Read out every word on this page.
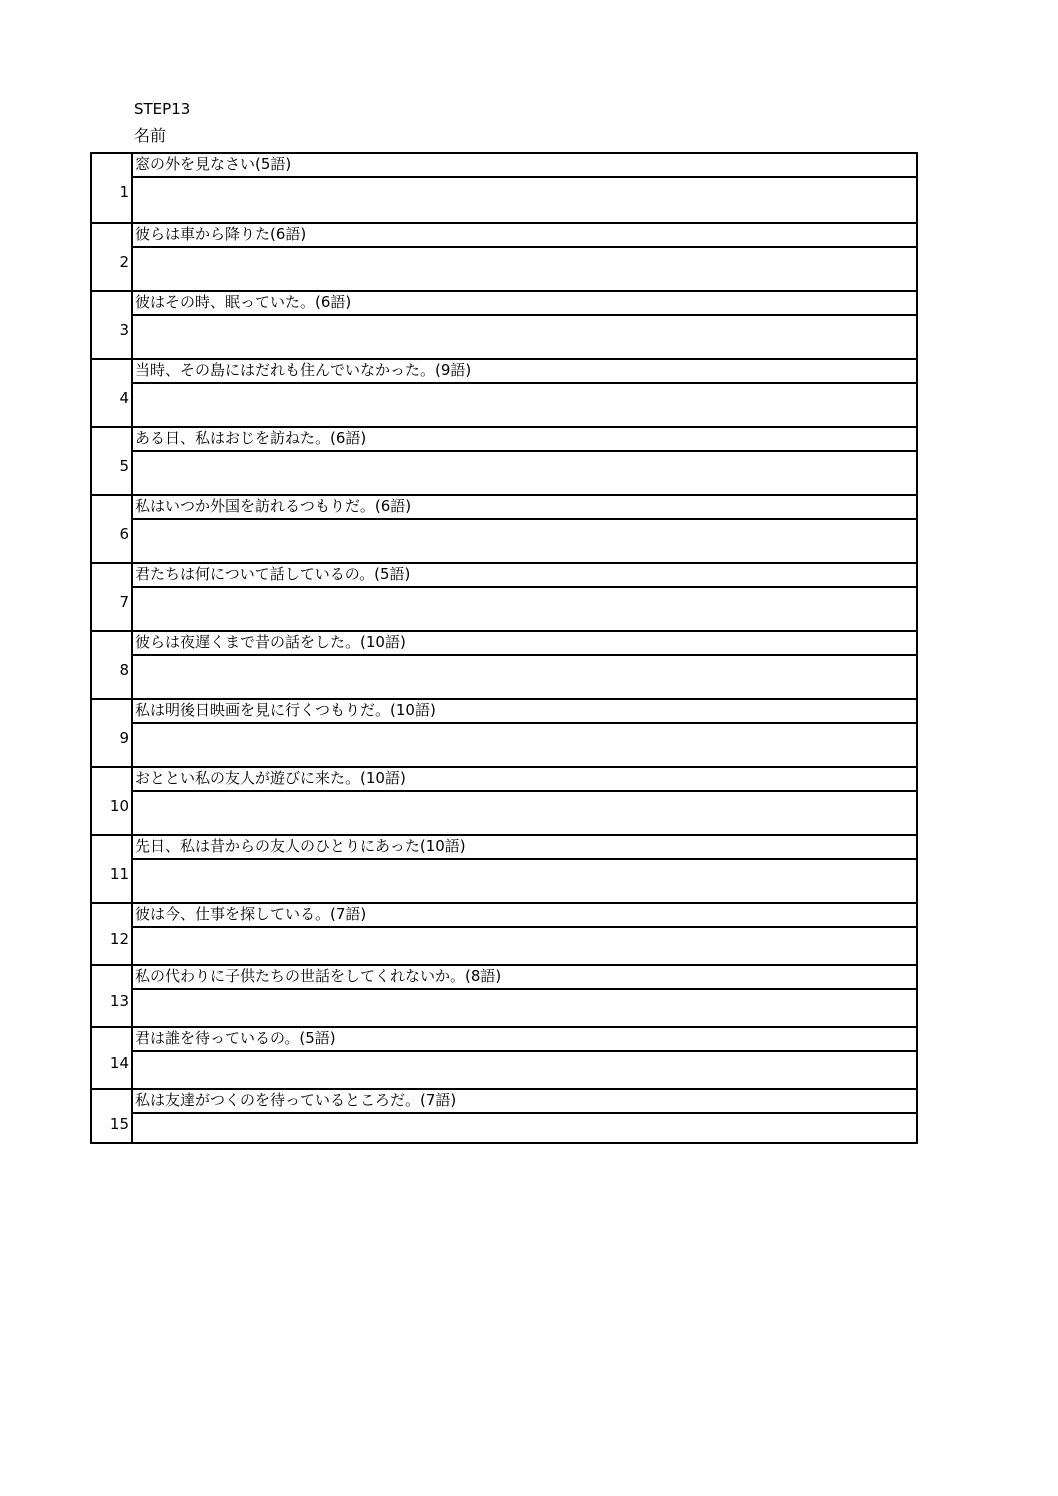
STEP13
名前
1
窓の外を見なさい(5語)
2
彼らは車から降りた(6語)
3
彼はその時、眠っていた。(6語)
4
当時、その島にはだれも住んでいなかった。(9語)
5
ある日、私はおじを訪ねた。(6語)
6
私はいつか外国を訪れるつもりだ。(6語)
7
君たちは何について話しているの。(5語)
8
彼らは夜遅くまで昔の話をした。(10語)
9
私は明後日映画を見に行くつもりだ。(10語)
10
おととい私の友人が遊びに来た。(10語)
11
先日、私は昔からの友人のひとりにあった(10語)
12
彼は今、仕事を探している。(7語)
13
私の代わりに子供たちの世話をしてくれないか。(8語)
14
君は誰を待っているの。(5語)
15
私は友達がつくのを待っているところだ。(7語)
